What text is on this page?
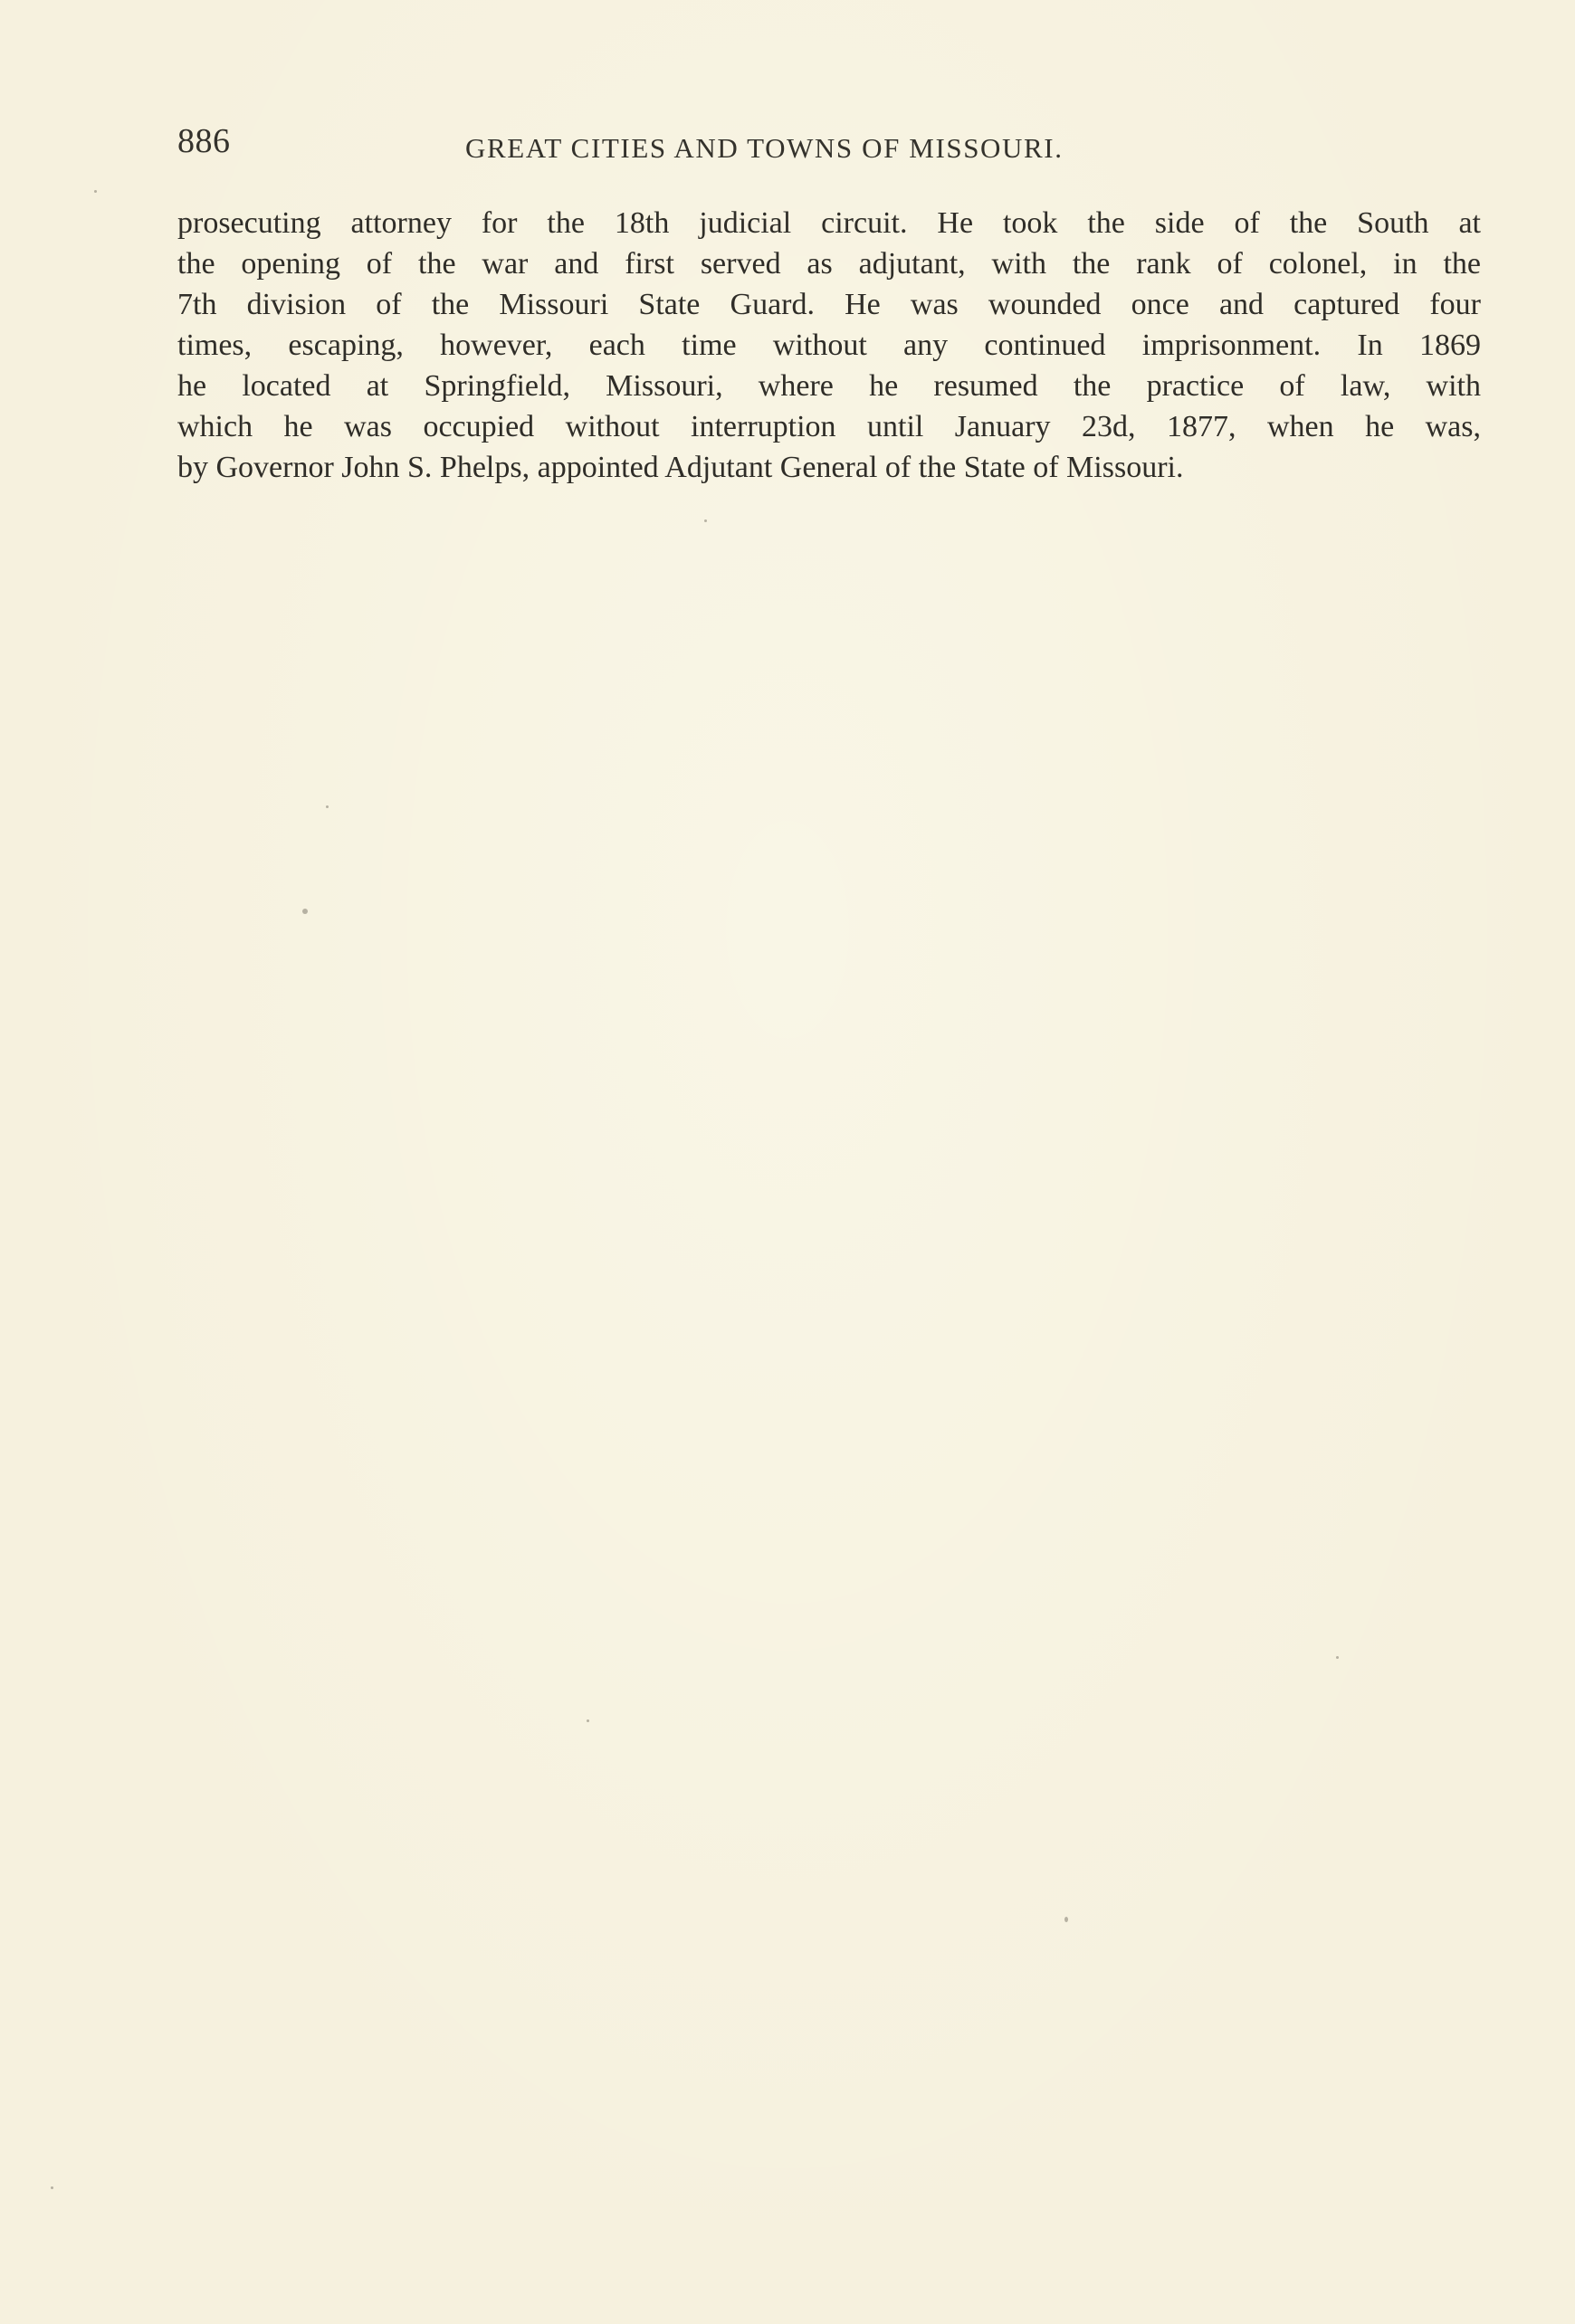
886	GREAT CITIES AND TOWNS OF MISSOURI.
prosecuting attorney for the 18th judicial circuit. He took the side of the South at
the opening of the war and first served as adjutant, with the rank of colonel, in the
7th division of the Missouri State Guard. He was wounded once and captured four
times, escaping, however, each time without any continued imprisonment. In 1869
he located at Springfield, Missouri, where he resumed the practice of law, with
which he was occupied without interruption until January 23d, 1877, when he was,
by Governor John S. Phelps, appointed Adjutant General of the State of Missouri.
